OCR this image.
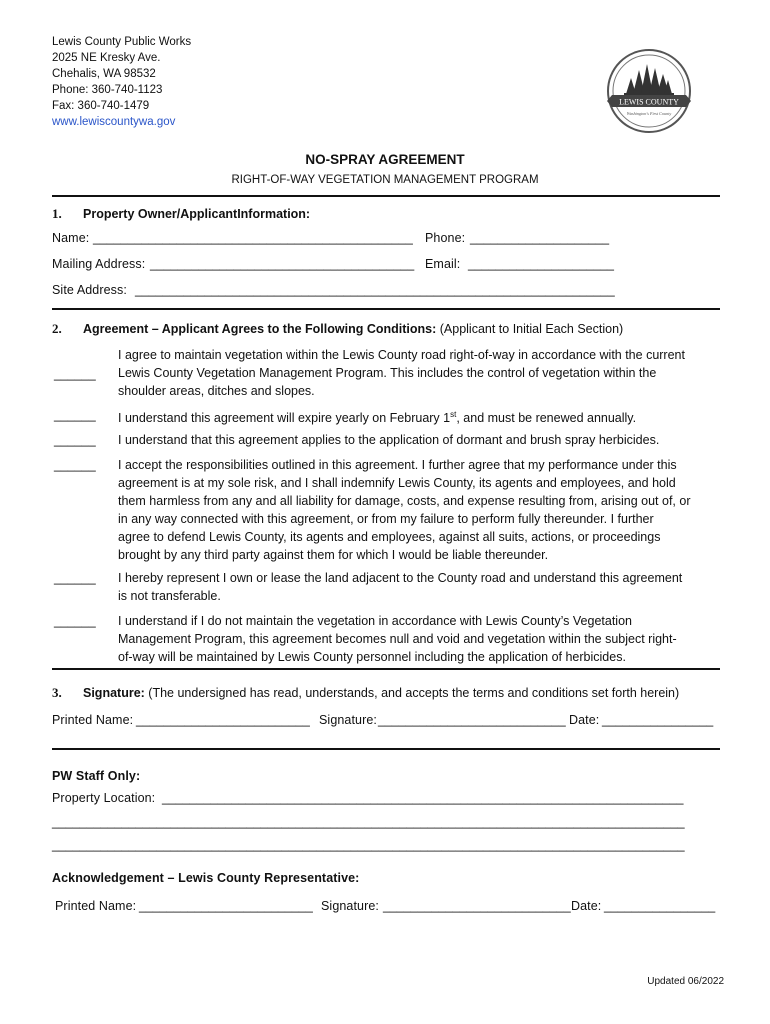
Lewis County Public Works
2025 NE Kresky Ave.
Chehalis, WA 98532
Phone: 360-740-1123
Fax: 360-740-1479
www.lewiscountywa.gov
LEWIS COUNTY
Washington's First County
NO-SPRAY AGREEMENT
RIGHT-OF-WAY VEGETATION MANAGEMENT PROGRAM
1. Property Owner/ApplicantInformation:
Name: ______________________________________________ Phone: ____________________
Mailing Address: ______________________________________ Email: _____________________
Site Address: _____________________________________________________________________
2. Agreement – Applicant Agrees to the Following Conditions: (Applicant to Initial Each Section)
______
I agree to maintain vegetation within the Lewis County road right-of-way in accordance with the current
Lewis County Vegetation Management Program. This includes the control of vegetation within the
shoulder areas, ditches and slopes.
______ I understand this agreement will expire yearly on February 1st, and must be renewed annually.
______ I understand that this agreement applies to the application of dormant and brush spray herbicides.
______ I accept the responsibilities outlined in this agreement. I further agree that my performance under this
agreement is at my sole risk, and I shall indemnify Lewis County, its agents and employees, and hold
them harmless from any and all liability for damage, costs, and expense resulting from, arising out of, or
in any way connected with this agreement, or from my failure to perform fully thereunder. I further
agree to defend Lewis County, its agents and employees, against all suits, actions, or proceedings
brought by any third party against them for which I would be liable thereunder.
______ I hereby represent I own or lease the land adjacent to the County road and understand this agreement
is not transferable.
______ I understand if I do not maintain the vegetation in accordance with Lewis County’s Vegetation
Management Program, this agreement becomes null and void and vegetation within the subject right-
of-way will be maintained by Lewis County personnel including the application of herbicides.
3. Signature: (The undersigned has read, understands, and accepts the terms and conditions set forth herein)
Printed Name: _________________________ Signature: ___________________________ Date: ________________
PW Staff Only:
Property Location: ___________________________________________________________________________
___________________________________________________________________________________________
___________________________________________________________________________________________
Acknowledgement – Lewis County Representative:
Printed Name: _________________________ Signature: ___________________________ Date: ________________
Updated 06/2022
